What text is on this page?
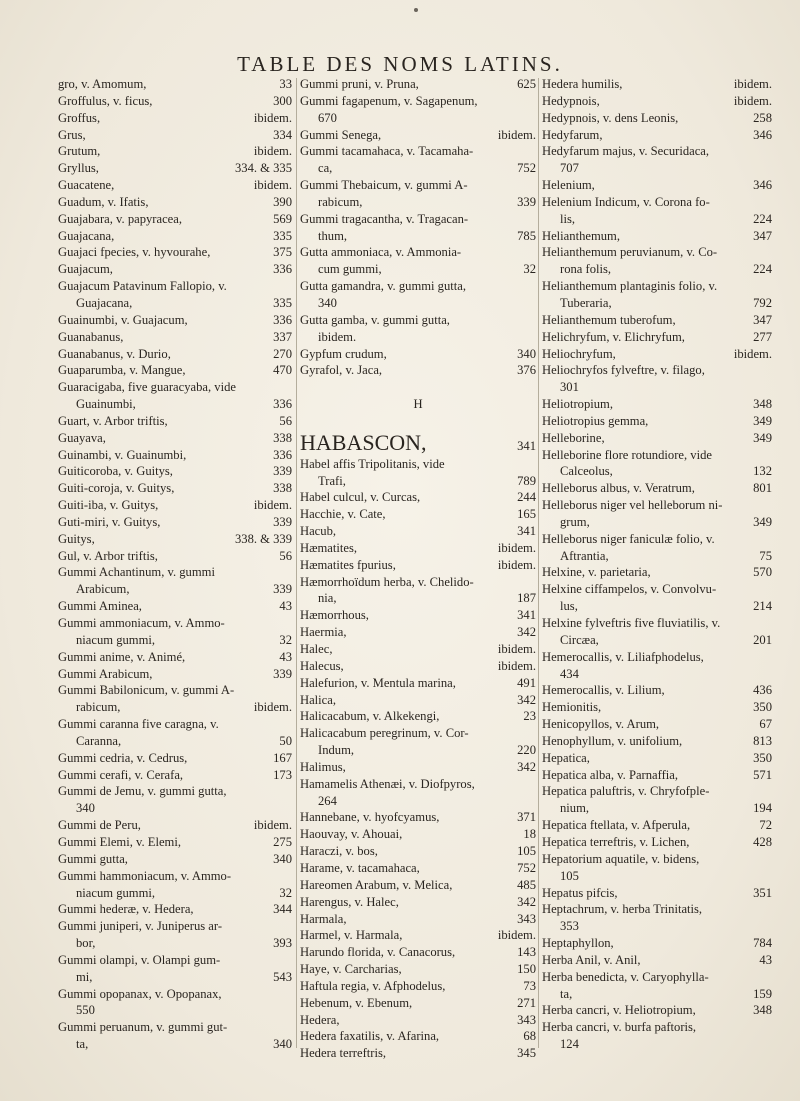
TABLE DES NOMS LATINS.
gro, v. Amomum,	33
Groffulus, v. ficus,	300
Groffus,	ibidem.
Grus,	334
Grutum,	ibidem.
Gryllus,	334. & 335
Guacatene,	ibidem.
Guadum, v. Ifatis,	390
Guajabara, v. papyracea,	569
Guajacana,	335
Guajaci fpecies, v. hyvourahe,	375
Guajacum,	336
Guajacum Patavinum Fallopio, v.
Guajacana,	335
Guainumbi, v. Guajacum,	336
Guanabanus,	337
Guanabanus, v. Durio,	270
Guaparumba, v. Mangue,	470
Guaracigaba, five guaracyaba, vide
Guainumbi,	336
Guart, v. Arbor triftis,	56
Guayava,	338
Guinambi, v. Guainumbi,	336
Guiticoroba, v. Guitys,	339
Guiti-coroja, v. Guitys,	338
Guiti-iba, v. Guitys,	ibidem.
Guti-miri, v. Guitys,	339
Guitys,	338. & 339
Gul, v. Arbor triftis,	56
Gummi Achantinum, v. gummi
Arabicum,	339
Gummi Aminea,	43
Gummi ammoniacum, v. Ammo-
niacum gummi,	32
Gummi anime, v. Animé,	43
Gummi Arabicum,	339
Gummi Babilonicum, v. gummi A-
rabicum,	ibidem.
Gummi caranna five caragna, v.
Caranna,	50
Gummi cedria, v. Cedrus,	167
Gummi cerafi, v. Cerafa,	173
Gummi de Jemu, v. gummi gutta,
340
Gummi de Peru,	ibidem.
Gummi Elemi, v. Elemi,	275
Gummi gutta,	340
Gummi hammoniacum, v. Ammo-
niacum gummi,	32
Gummi hederæ, v. Hedera,	344
Gummi juniperi, v. Juniperus ar-
bor,	393
Gummi olampi, v. Olampi gum-
mi,	543
Gummi opopanax, v. Opopanax,
550
Gummi peruanum, v. gummi gut-
ta,	340
Gummi pruni, v. Pruna,	625
Gummi fagapenum, v. Sagapenum,
670
Gummi Senega,	ibidem.
Gummi tacamahaca, v. Tacamaha-
ca,	752
Gummi Thebaicum, v. gummi A-
rabicum,	339
Gummi tragacantha, v. Tragacan-
thum,	785
Gutta ammoniaca, v. Ammonia-
cum gummi,	32
Gutta gamandra, v. gummi gutta,
340
Gutta gamba, v. gummi gutta,
ibidem.
Gypfum crudum,	340
Gyrafol, v. Jaca,	376
H
HABASCON,	341
Habel affis Tripolitanis, vide
Trafi,	789
Habel culcul, v. Curcas,	244
Hacchie, v. Cate,	165
Hacub,	341
Hæmatites,	ibidem.
Hæmatites fpurius,	ibidem.
Hæmorrhoïdum herba, v. Chelido-
nia,	187
Hæmorrhous,	341
Haermia,	342
Halec,	ibidem.
Halecus,	ibidem.
Halefurion, v. Mentula marina,	491
Halica,	342
Halicacabum, v. Alkekengi,	23
Halicacabum peregrinum, v. Cor-
Indum,	220
Halimus,	342
Hamamelis Athenæi, v. Diofpyros,
264
Hannebane, v. hyofcyamus,	371
Haouvay, v. Ahouai,	18
Haraczi, v. bos,	105
Harame, v. tacamahaca,	752
Hareomen Arabum, v. Melica,	485
Harengus, v. Halec,	342
Harmala,	343
Harmel, v. Harmala,	ibidem.
Harundo florida, v. Canacorus,	143
Haye, v. Carcharias,	150
Haftula regia, v. Afphodelus,	73
Hebenum, v. Ebenum,	271
Hedera,	343
Hedera faxatilis, v. Afarina,	68
Hedera terreftris,	345
Hedera humilis,	ibidem.
Hedypnois,	ibidem.
Hedypnois, v. dens Leonis,	258
Hedyfarum,	346
Hedyfarum majus, v. Securidaca,
707
Helenium,	346
Helenium Indicum, v. Corona fo-
lis,	224
Helianthemum,	347
Helianthemum peruvianum, v. Co-
rona folis,	224
Helianthemum plantaginis folio, v.
Tuberaria,	792
Helianthemum tuberofum,	347
Helichryfum, v. Elichryfum,	277
Heliochryfum,	ibidem.
Heliochryfos fylveftre, v. filago,
301
Heliotropium,	348
Heliotropius gemma,	349
Helleborine,	349
Helleborine flore rotundiore, vide
Calceolus,	132
Helleborus albus, v. Veratrum,	801
Helleborus niger vel helleborum ni-
grum,	349
Helleborus niger faniculæ folio, v.
Aftrantia,	75
Helxine, v. parietaria,	570
Helxine ciffampelos, v. Convolvu-
lus,	214
Helxine fylveftris five fluviatilis, v.
Circæa,	201
Hemerocallis, v. Liliafphodelus,
434
Hemerocallis, v. Lilium,	436
Hemionitis,	350
Henicopyllos, v. Arum,	67
Henophyllum, v. unifolium,	813
Hepatica,	350
Hepatica alba, v. Parnaffia,	571
Hepatica paluftris, v. Chryfofple-
nium,	194
Hepatica ftellata, v. Afperula,	72
Hepatica terreftris, v. Lichen,	428
Hepatorium aquatile, v. bidens,
105
Hepatus pifcis,	351
Heptachrum, v. herba Trinitatis,
353
Heptaphyllon,	784
Herba Anil, v. Anil,	43
Herba benedicta, v. Caryophylla-
ta,	159
Herba cancri, v. Heliotropium,	348
Herba cancri, v. burfa paftoris,
124
